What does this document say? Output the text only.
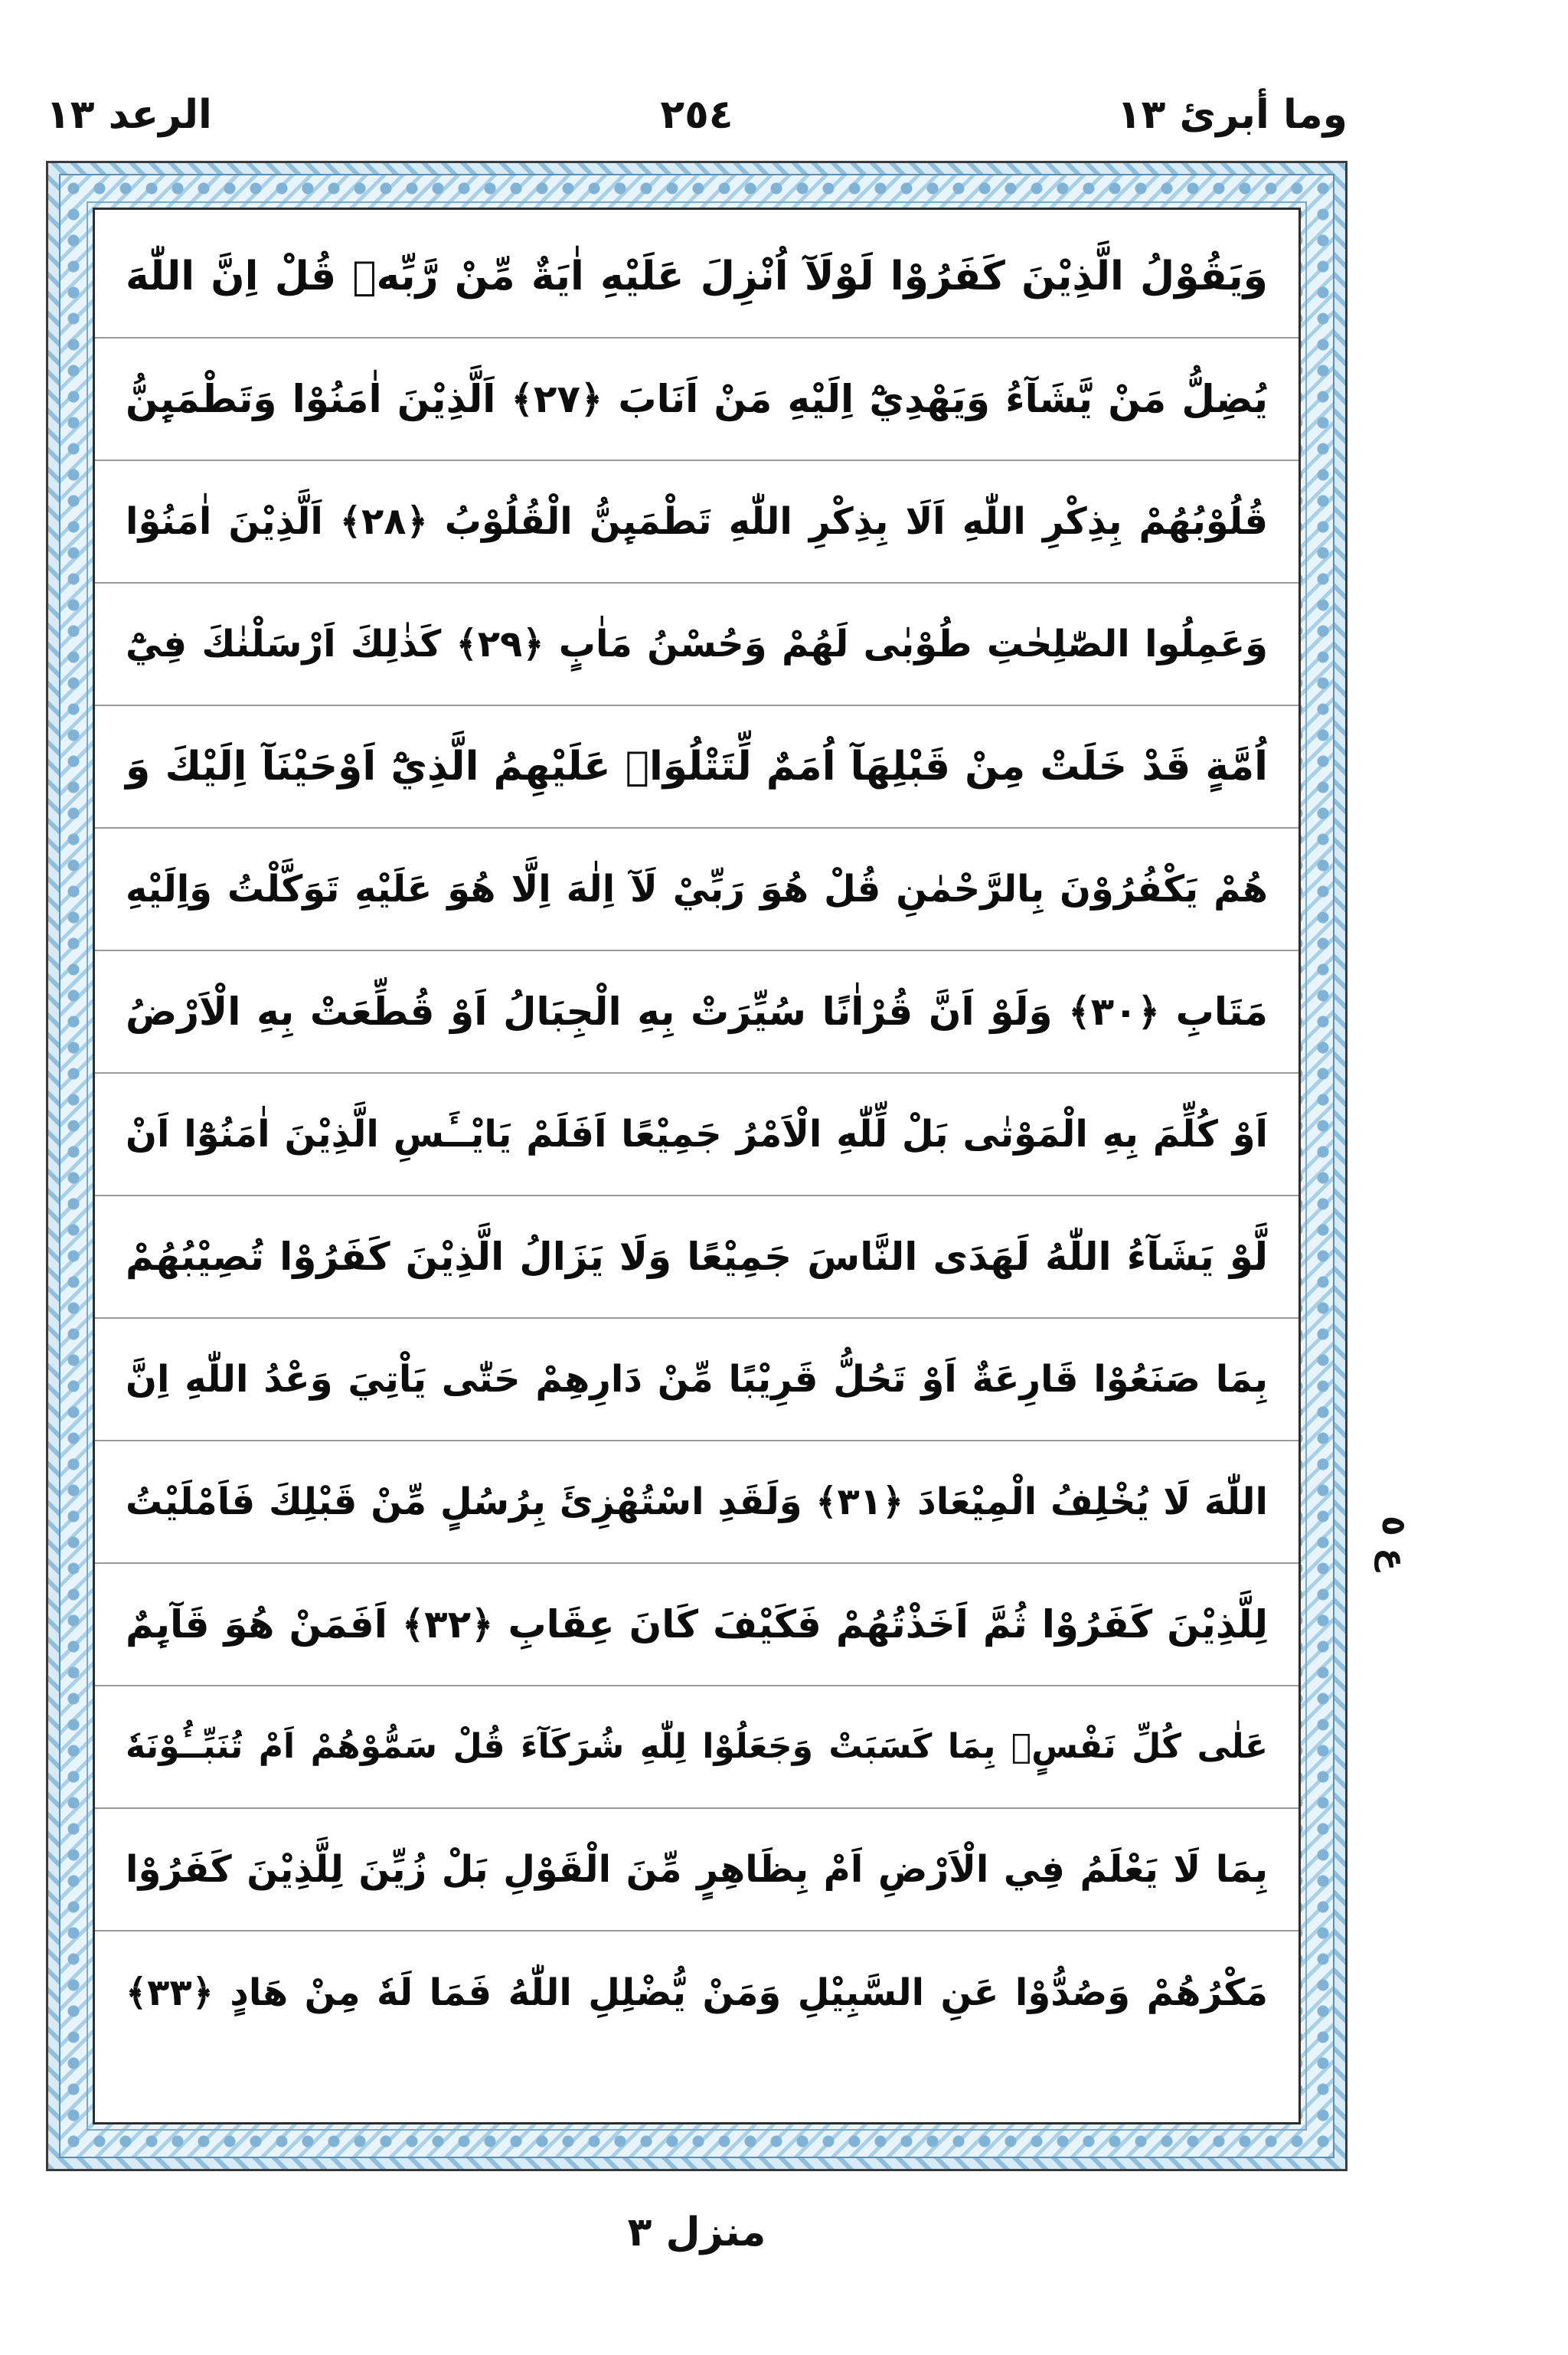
وما أبرئ ١٣
٢٥٤
الرعد ١٣
وَيَقُوْلُ الَّذِيْنَ كَفَرُوْا لَوْلَآ اُنْزِلَ عَلَيْهِ اٰيَةٌ مِّنْ رَّبِّهٖ قُلْ اِنَّ اللّٰهَ
يُضِلُّ مَنْ يَّشَآءُ وَيَهْدِيْٓ اِلَيْهِ مَنْ اَنَابَ ﴿٢٧﴾ اَلَّذِيْنَ اٰمَنُوْا وَتَطْمَىِٕنُّ
قُلُوْبُهُمْ بِذِكْرِ اللّٰهِ اَلَا بِذِكْرِ اللّٰهِ تَطْمَىِٕنُّ الْقُلُوْبُ ﴿٢٨﴾ اَلَّذِيْنَ اٰمَنُوْا
وَعَمِلُوا الصّٰلِحٰتِ طُوْبٰى لَهُمْ وَحُسْنُ مَاٰبٍ ﴿٢٩﴾ كَذٰلِكَ اَرْسَلْنٰكَ فِيْٓ
اُمَّةٍ قَدْ خَلَتْ مِنْ قَبْلِهَآ اُمَمٌ لِّتَتْلُوَا۠ عَلَيْهِمُ الَّذِيْٓ اَوْحَيْنَآ اِلَيْكَ وَ
هُمْ يَكْفُرُوْنَ بِالرَّحْمٰنِ قُلْ هُوَ رَبِّيْ لَآ اِلٰهَ اِلَّا هُوَ عَلَيْهِ تَوَكَّلْتُ وَاِلَيْهِ
مَتَابِ ﴿٣٠﴾ وَلَوْ اَنَّ قُرْاٰنًا سُيِّرَتْ بِهِ الْجِبَالُ اَوْ قُطِّعَتْ بِهِ الْاَرْضُ
اَوْ كُلِّمَ بِهِ الْمَوْتٰى بَلْ لِّلّٰهِ الْاَمْرُ جَمِيْعًا اَفَلَمْ يَايْــَٔسِ الَّذِيْنَ اٰمَنُوْٓا اَنْ
لَّوْ يَشَآءُ اللّٰهُ لَهَدَى النَّاسَ جَمِيْعًا وَلَا يَزَالُ الَّذِيْنَ كَفَرُوْا تُصِيْبُهُمْ
بِمَا صَنَعُوْا قَارِعَةٌ اَوْ تَحُلُّ قَرِيْبًا مِّنْ دَارِهِمْ حَتّٰى يَاْتِيَ وَعْدُ اللّٰهِ اِنَّ
اللّٰهَ لَا يُخْلِفُ الْمِيْعَادَ ﴿٣١﴾ وَلَقَدِ اسْتُهْزِئَ بِرُسُلٍ مِّنْ قَبْلِكَ فَاَمْلَيْتُ
لِلَّذِيْنَ كَفَرُوْا ثُمَّ اَخَذْتُهُمْ فَكَيْفَ كَانَ عِقَابِ ﴿٣٢﴾ اَفَمَنْ هُوَ قَآىِٕمٌ
عَلٰى كُلِّ نَفْسٍۭ بِمَا كَسَبَتْ وَجَعَلُوْا لِلّٰهِ شُرَكَآءَ قُلْ سَمُّوْهُمْ اَمْ تُنَبِّــُٔوْنَهٗ
بِمَا لَا يَعْلَمُ فِي الْاَرْضِ اَمْ بِظَاهِرٍ مِّنَ الْقَوْلِ بَلْ زُيِّنَ لِلَّذِيْنَ كَفَرُوْا
مَكْرُهُمْ وَصُدُّوْا عَنِ السَّبِيْلِ وَمَنْ يُّضْلِلِ اللّٰهُ فَمَا لَهٗ مِنْ هَادٍ ﴿٣٣﴾
ع ٥
منزل ٣
